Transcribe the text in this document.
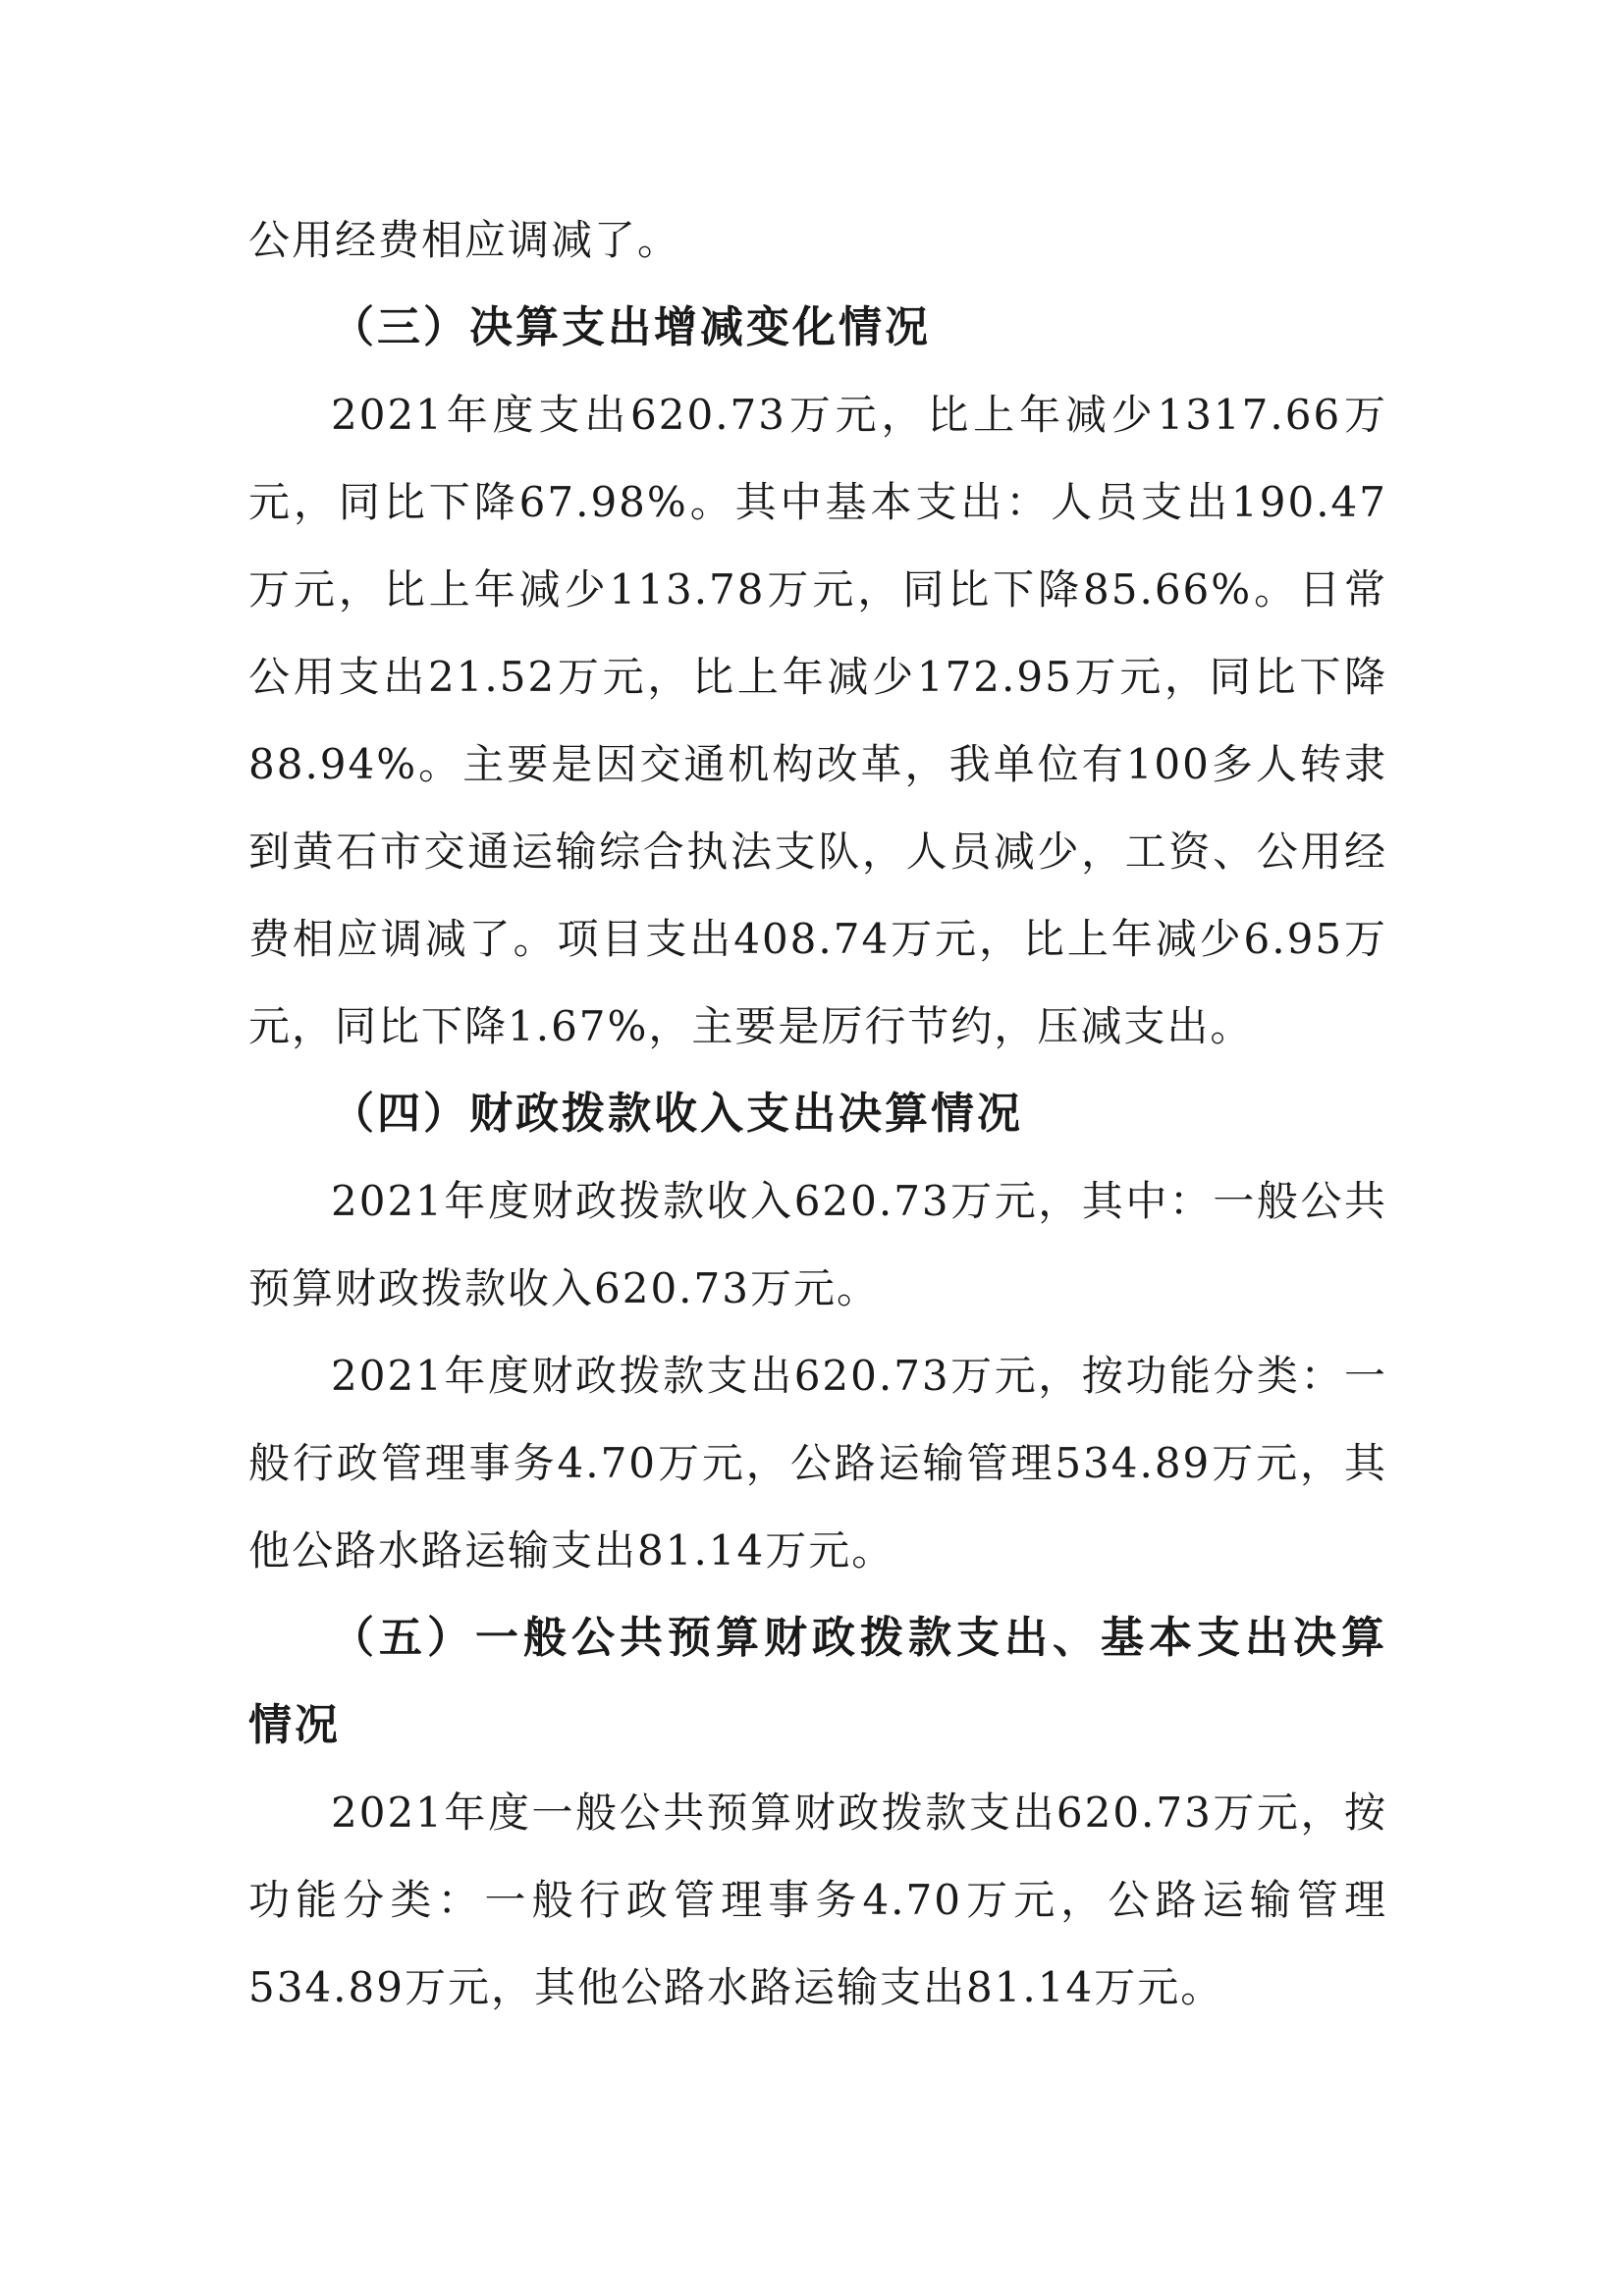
公用经费相应调减了。

（三）决算支出增减变化情况

2021年度支出620.73万元，比上年减少1317.66万元，同比下降67.98%。其中基本支出：人员支出190.47万元，比上年减少113.78万元，同比下降85.66%。日常公用支出21.52万元，比上年减少172.95万元，同比下降88.94%。主要是因交通机构改革，我单位有100多人转隶到黄石市交通运输综合执法支队，人员减少，工资、公用经费相应调减了。项目支出408.74万元，比上年减少6.95万元，同比下降1.67%，主要是厉行节约，压减支出。

（四）财政拨款收入支出决算情况

2021年度财政拨款收入620.73万元，其中：一般公共预算财政拨款收入620.73万元。

2021年度财政拨款支出620.73万元，按功能分类：一般行政管理事务4.70万元，公路运输管理534.89万元，其他公路水路运输支出81.14万元。

（五）一般公共预算财政拨款支出、基本支出决算情况

2021年度一般公共预算财政拨款支出620.73万元，按功能分类：一般行政管理事务4.70万元，公路运输管理534.89万元，其他公路水路运输支出81.14万元。
